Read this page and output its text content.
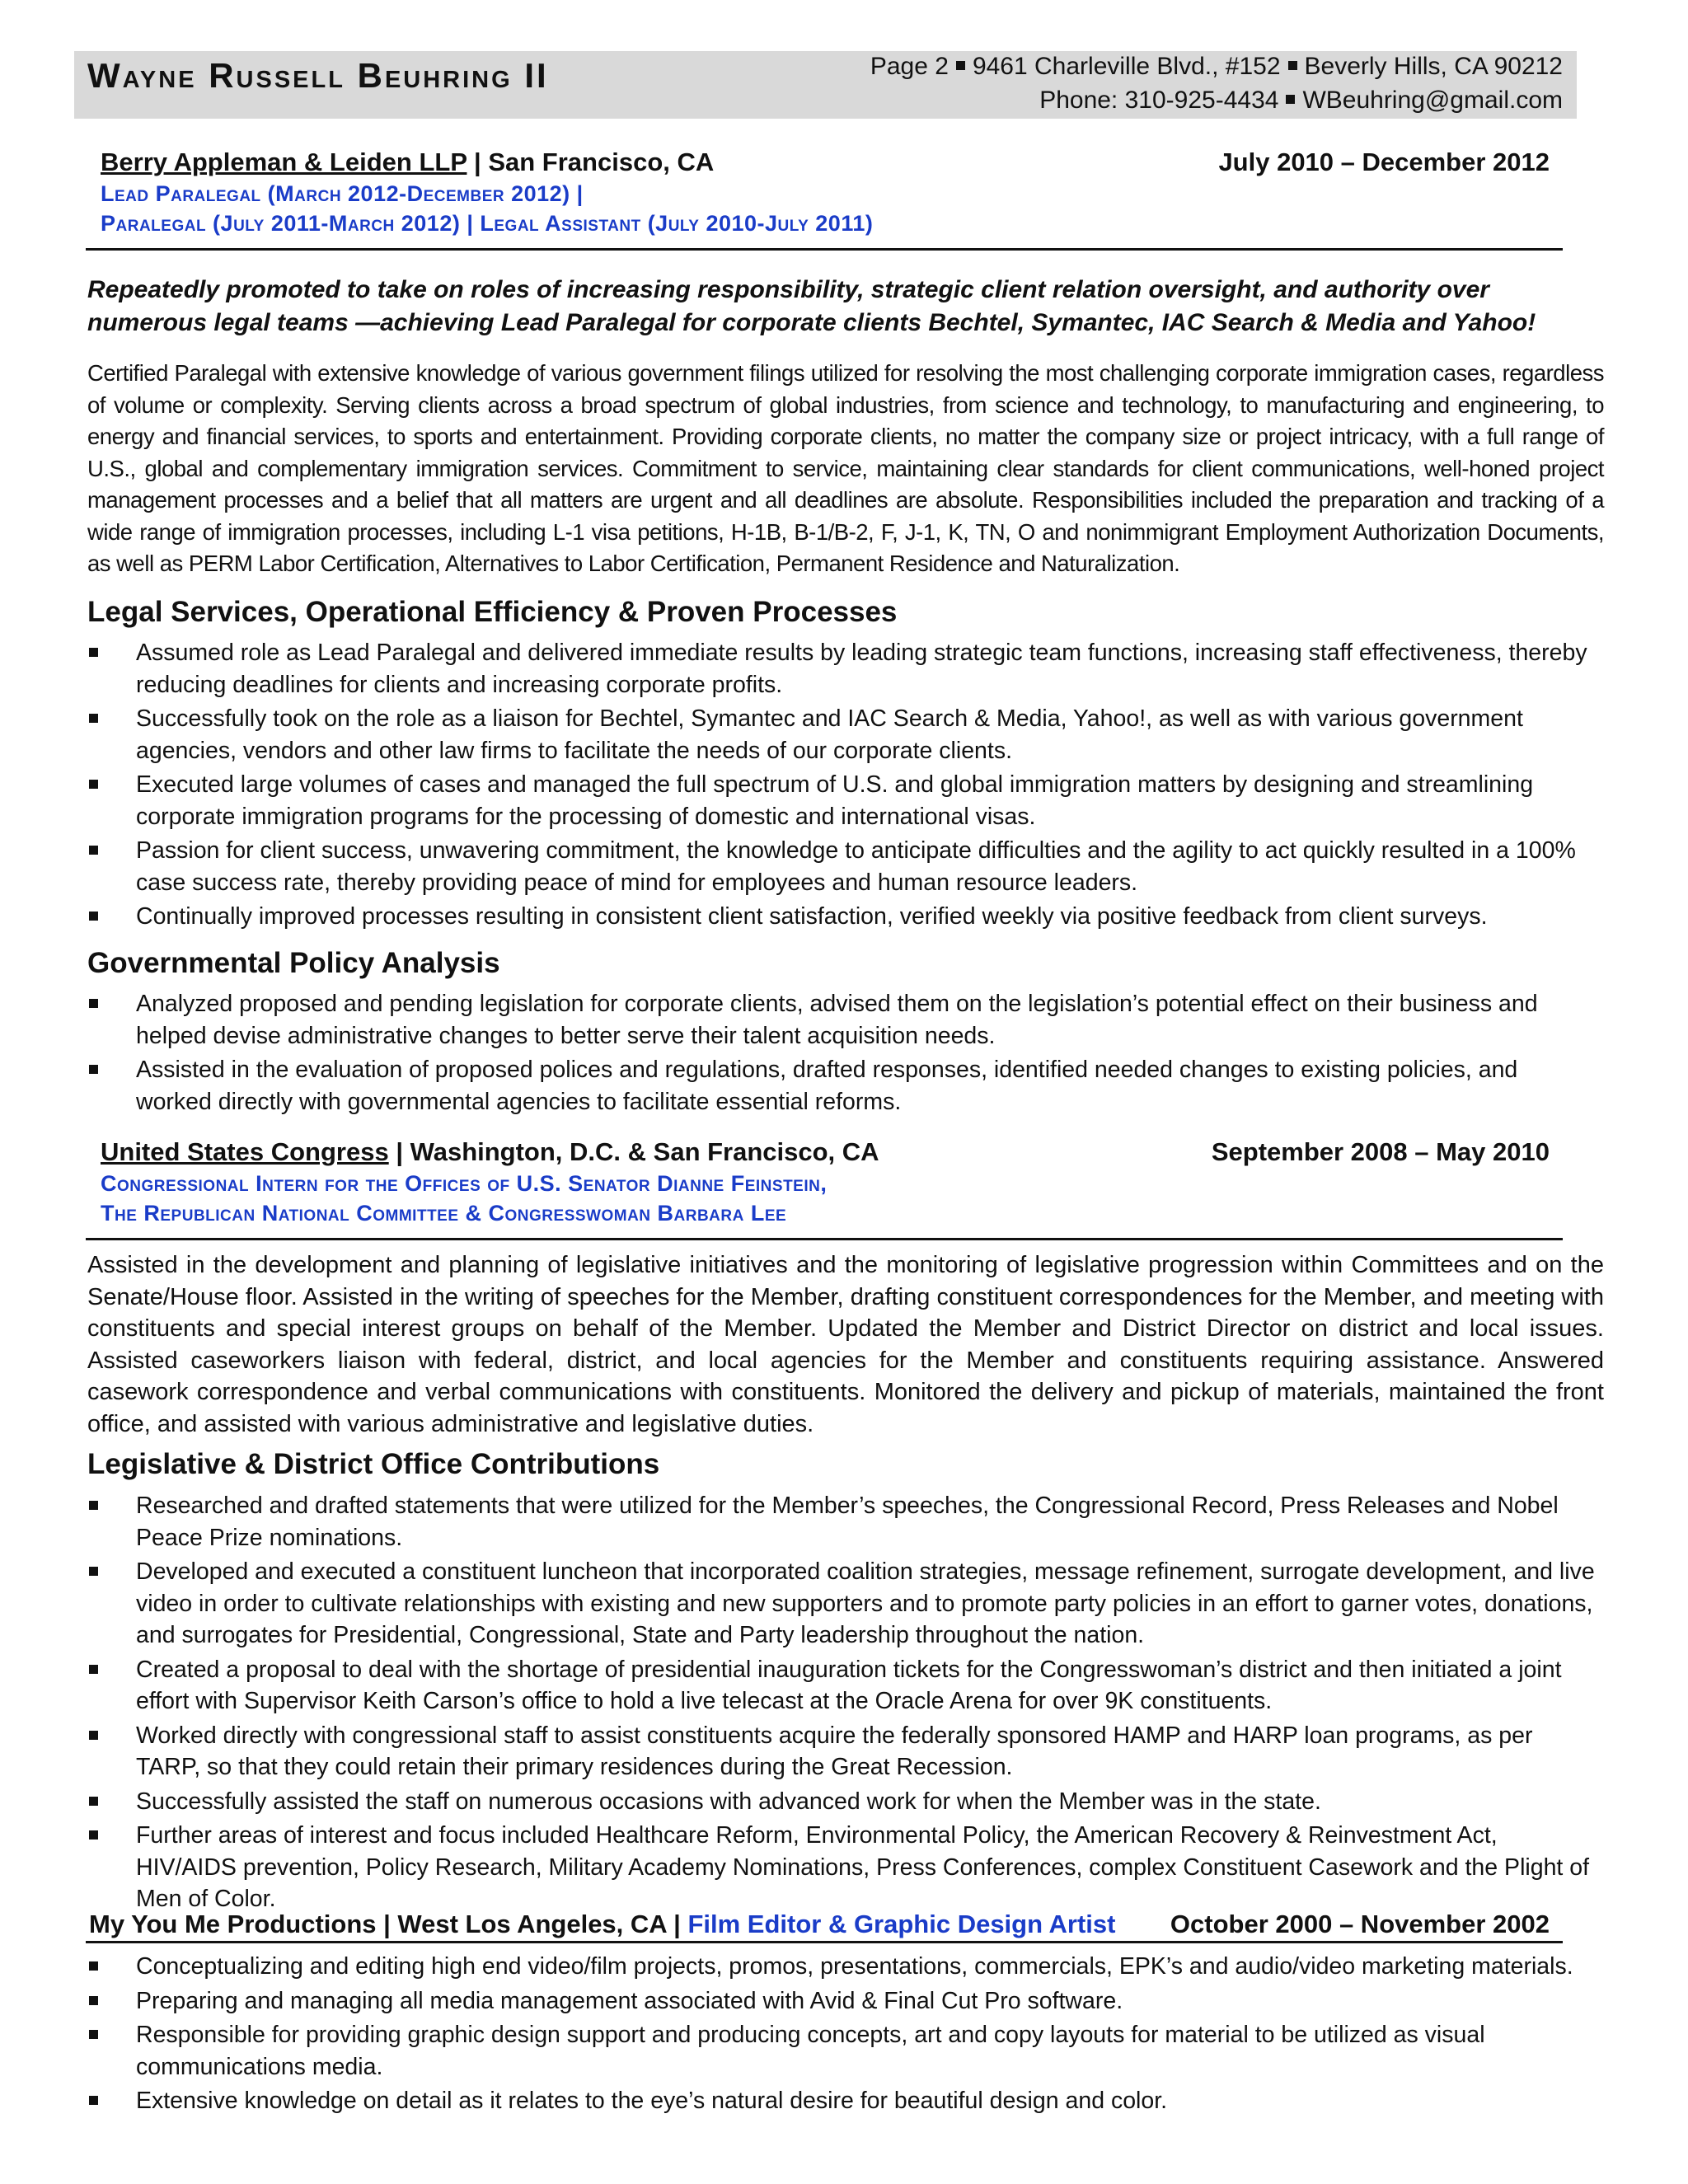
Wayne Russell Beuhring II	Page 2 9461 Charleville Blvd., #152 Beverly Hills, CA 90212
Phone: 310-925-4434 WBeuhring@gmail.com
Berry Appleman & Leiden LLP | San Francisco, CA	July 2010 – December 2012
Lead Paralegal (March 2012-December 2012) |
Paralegal (July 2011-March 2012) | Legal Assistant (July 2010-July 2011)
Repeatedly promoted to take on roles of increasing responsibility, strategic client relation oversight, and authority over numerous legal teams —achieving Lead Paralegal for corporate clients Bechtel, Symantec, IAC Search & Media and Yahoo!
Certified Paralegal with extensive knowledge of various government filings utilized for resolving the most challenging corporate immigration cases, regardless of volume or complexity. Serving clients across a broad spectrum of global industries, from science and technology, to manufacturing and engineering, to energy and financial services, to sports and entertainment. Providing corporate clients, no matter the company size or project intricacy, with a full range of U.S., global and complementary immigration services. Commitment to service, maintaining clear standards for client communications, well-honed project management processes and a belief that all matters are urgent and all deadlines are absolute. Responsibilities included the preparation and tracking of a wide range of immigration processes, including L-1 visa petitions, H-1B, B-1/B-2, F, J-1, K, TN, O and nonimmigrant Employment Authorization Documents, as well as PERM Labor Certification, Alternatives to Labor Certification, Permanent Residence and Naturalization.
Legal Services, Operational Efficiency & Proven Processes
Assumed role as Lead Paralegal and delivered immediate results by leading strategic team functions, increasing staff effectiveness, thereby reducing deadlines for clients and increasing corporate profits.
Successfully took on the role as a liaison for Bechtel, Symantec and IAC Search & Media, Yahoo!, as well as with various government agencies, vendors and other law firms to facilitate the needs of our corporate clients.
Executed large volumes of cases and managed the full spectrum of U.S. and global immigration matters by designing and streamlining corporate immigration programs for the processing of domestic and international visas.
Passion for client success, unwavering commitment, the knowledge to anticipate difficulties and the agility to act quickly resulted in a 100% case success rate, thereby providing peace of mind for employees and human resource leaders.
Continually improved processes resulting in consistent client satisfaction, verified weekly via positive feedback from client surveys.
Governmental Policy Analysis
Analyzed proposed and pending legislation for corporate clients, advised them on the legislation’s potential effect on their business and helped devise administrative changes to better serve their talent acquisition needs.
Assisted in the evaluation of proposed polices and regulations, drafted responses, identified needed changes to existing policies, and worked directly with governmental agencies to facilitate essential reforms.
United States Congress | Washington, D.C. & San Francisco, CA	September 2008 – May 2010
Congressional Intern for the Offices of U.S. Senator Dianne Feinstein,
The Republican National Committee & Congresswoman Barbara Lee
Assisted in the development and planning of legislative initiatives and the monitoring of legislative progression within Committees and on the Senate/House floor. Assisted in the writing of speeches for the Member, drafting constituent correspondences for the Member, and meeting with constituents and special interest groups on behalf of the Member. Updated the Member and District Director on district and local issues. Assisted caseworkers liaison with federal, district, and local agencies for the Member and constituents requiring assistance. Answered casework correspondence and verbal communications with constituents. Monitored the delivery and pickup of materials, maintained the front office, and assisted with various administrative and legislative duties.
Legislative & District Office Contributions
Researched and drafted statements that were utilized for the Member’s speeches, the Congressional Record, Press Releases and Nobel Peace Prize nominations.
Developed and executed a constituent luncheon that incorporated coalition strategies, message refinement, surrogate development, and live video in order to cultivate relationships with existing and new supporters and to promote party policies in an effort to garner votes, donations, and surrogates for Presidential, Congressional, State and Party leadership throughout the nation.
Created a proposal to deal with the shortage of presidential inauguration tickets for the Congresswoman’s district and then initiated a joint effort with Supervisor Keith Carson’s office to hold a live telecast at the Oracle Arena for over 9K constituents.
Worked directly with congressional staff to assist constituents acquire the federally sponsored HAMP and HARP loan programs, as per TARP, so that they could retain their primary residences during the Great Recession.
Successfully assisted the staff on numerous occasions with advanced work for when the Member was in the state.
Further areas of interest and focus included Healthcare Reform, Environmental Policy, the American Recovery & Reinvestment Act, HIV/AIDS prevention, Policy Research, Military Academy Nominations, Press Conferences, complex Constituent Casework and the Plight of Men of Color.
My You Me Productions | West Los Angeles, CA | Film Editor & Graphic Design Artist October 2000 – November 2002
Conceptualizing and editing high end video/film projects, promos, presentations, commercials, EPK’s and audio/video marketing materials.
Preparing and managing all media management associated with Avid & Final Cut Pro software.
Responsible for providing graphic design support and producing concepts, art and copy layouts for material to be utilized as visual communications media.
Extensive knowledge on detail as it relates to the eye’s natural desire for beautiful design and color.
